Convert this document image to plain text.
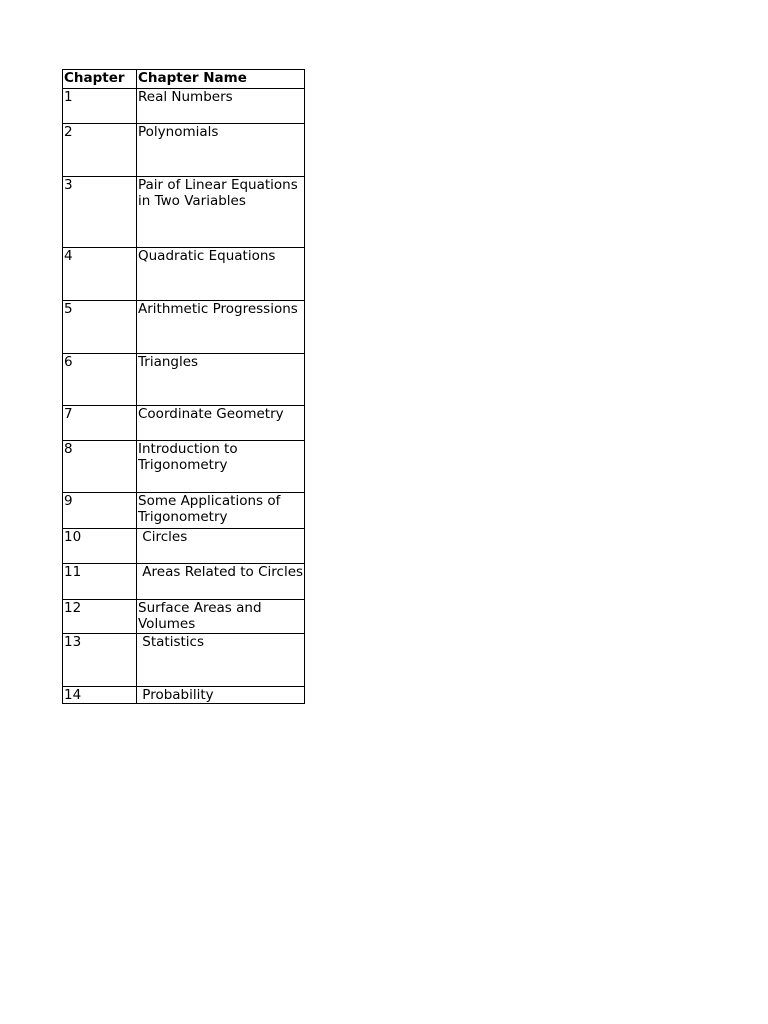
Chapter	Chapter Name
1	Real Numbers
2	Polynomials
3	Pair of Linear Equations in Two Variables
4	Quadratic Equations
5	Arithmetic Progressions
6	Triangles
7	Coordinate Geometry
8	Introduction to Trigonometry
9	Some Applications of Trigonometry
10	Circles
11	Areas Related to Circles
12	Surface Areas and Volumes
13	Statistics
14	Probability
